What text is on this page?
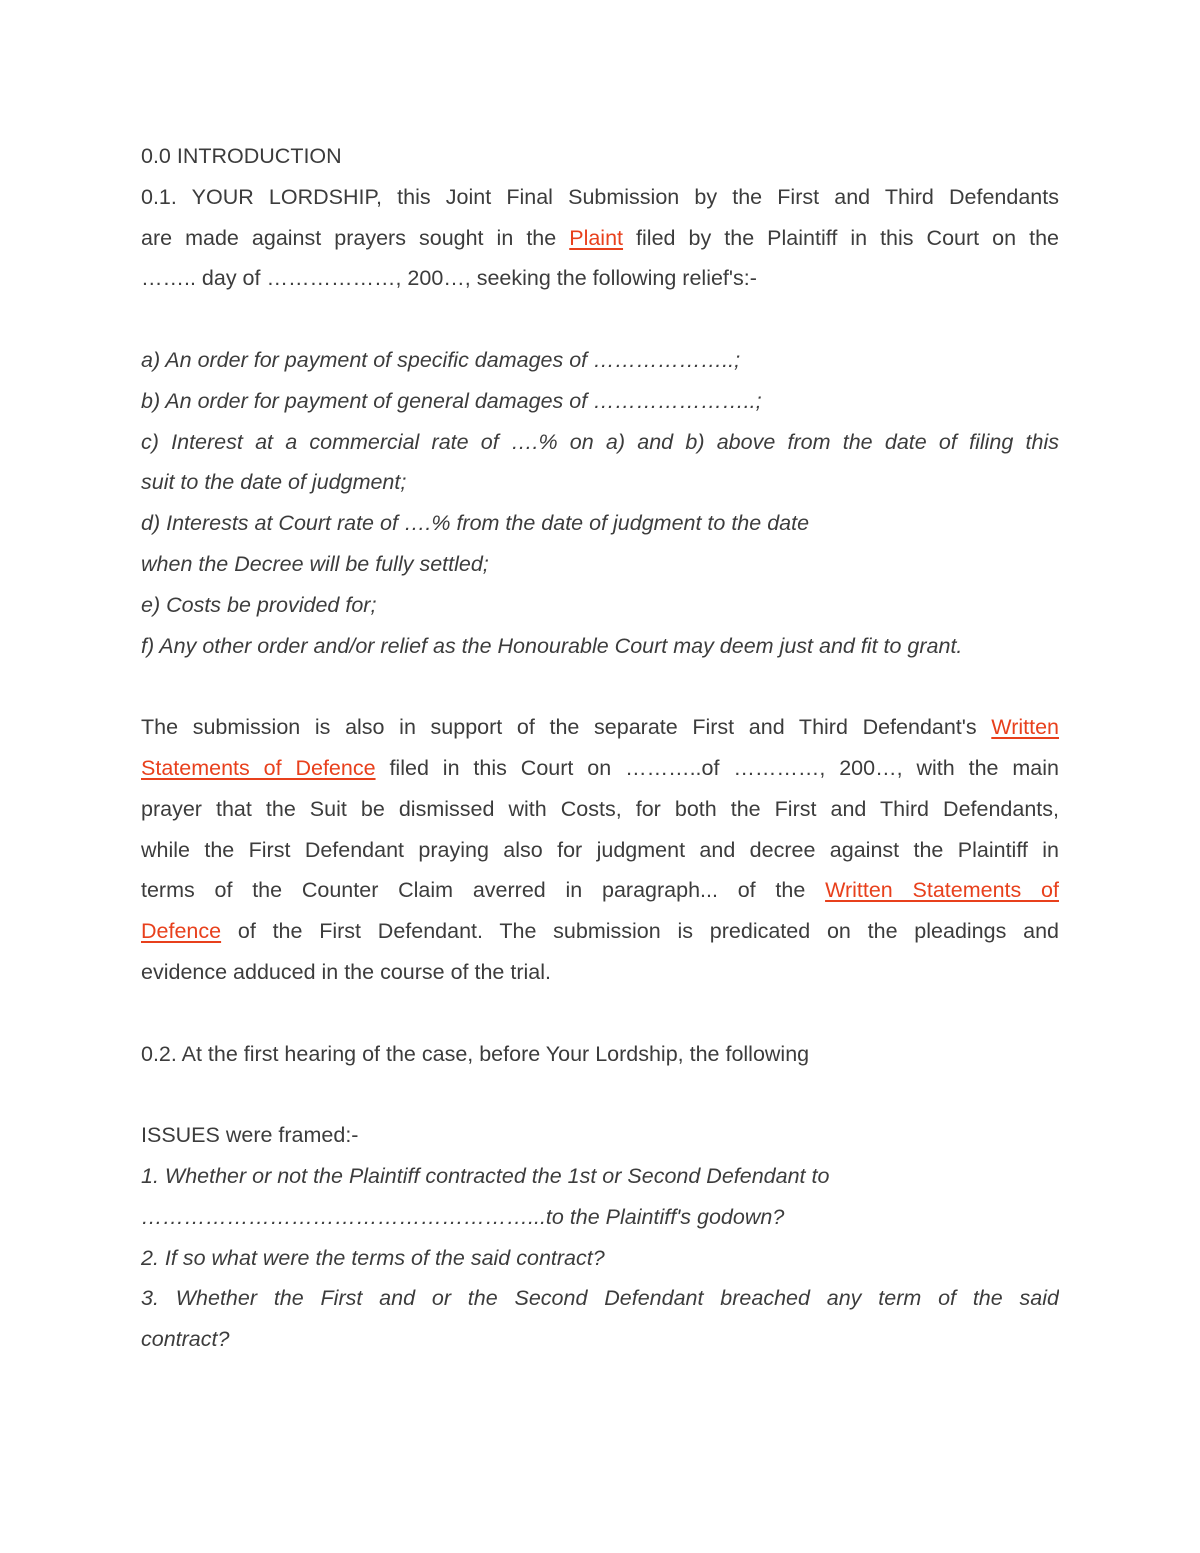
0.0 INTRODUCTION
0.1. YOUR LORDSHIP, this Joint Final Submission by the First and Third Defendants
are made against prayers sought in the Plaint filed by the Plaintiff in this Court on the
…….. day of ………………, 200…, seeking the following relief's:-
a) An order for payment of specific damages of ………………..;
b) An order for payment of general damages of …………………..;
c) Interest at a commercial rate of ….% on a) and b) above from the date of filing this
suit to the date of judgment;
d) Interests at Court rate of ….% from the date of judgment to the date
when the Decree will be fully settled;
e) Costs be provided for;
f) Any other order and/or relief as the Honourable Court may deem just and fit to grant.
The submission is also in support of the separate First and Third Defendant's Written
Statements of Defence filed in this Court on ………..of …………, 200…, with the main
prayer that the Suit be dismissed with Costs, for both the First and Third Defendants,
while the First Defendant praying also for judgment and decree against the Plaintiff in
terms of the Counter Claim averred in paragraph... of the Written Statements of
Defence of the First Defendant. The submission is predicated on the pleadings and
evidence adduced in the course of the trial.
0.2. At the first hearing of the case, before Your Lordship, the following
ISSUES were framed:-
1. Whether or not the Plaintiff contracted the 1st or Second Defendant to
………………………………………………...to the Plaintiff's godown?
2. If so what were the terms of the said contract?
3. Whether the First and or the Second Defendant breached any term of the said
contract?
